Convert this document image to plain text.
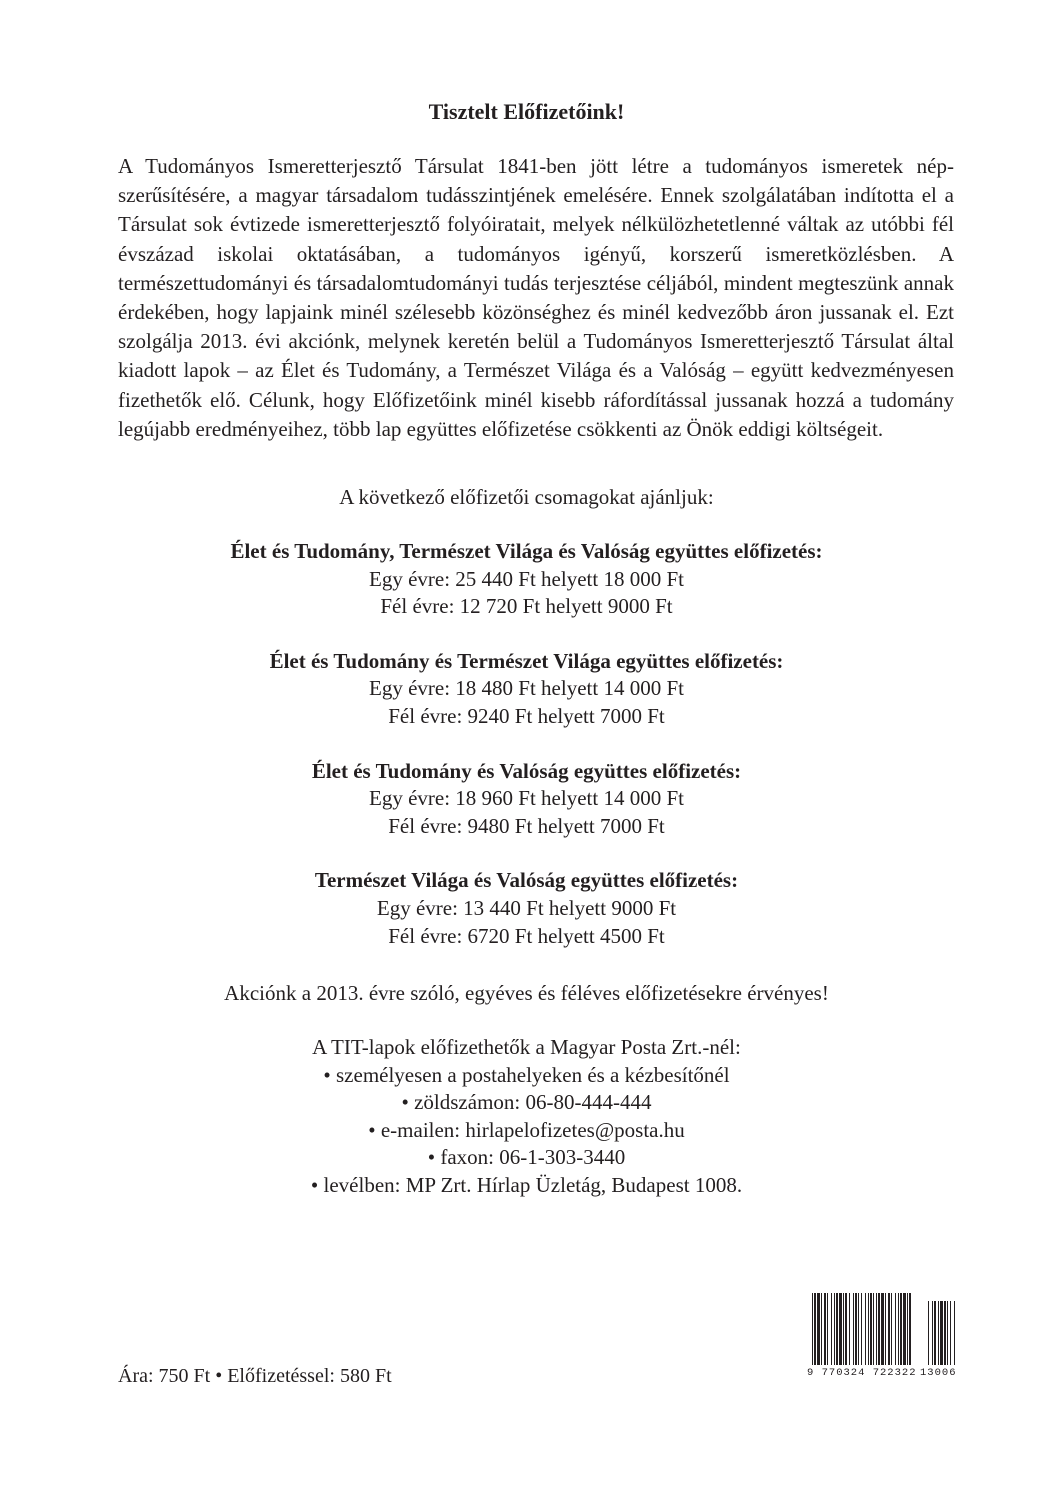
Tisztelt Előfizetőink!

A Tudományos Ismeretterjesztő Társulat 1841-ben jött létre a tudományos ismeretek népszerűsítésére, a magyar társadalom tudásszintjének emelésére. Ennek szolgálatában indította el a Társulat sok évtizede ismeretterjesztő folyóiratait, melyek nélkülözhetetlenné váltak az utóbbi fél évszázad iskolai oktatásában, a tudományos igényű, korszerű ismeretközlésben. A természettudományi és társadalomtudományi tudás terjesztése céljából, mindent megteszünk annak érdekében, hogy lapjaink minél szélesebb közönséghez és minél kedvezőbb áron jussanak el. Ezt szolgálja 2013. évi akciónk, melynek keretén belül a Tudományos Ismeretterjesztő Társulat által kiadott lapok – az Élet és Tudomány, a Természet Világa és a Valóság – együtt kedvezményesen fizethetők elő. Célunk, hogy Előfizetőink minél kisebb ráfordítással jussanak hozzá a tudomány legújabb eredményeihez, több lap együttes előfizetése csökkenti az Önök eddigi költségeit.

A következő előfizetői csomagokat ajánljuk:
Élet és Tudomány, Természet Világa és Valóság együttes előfizetés:
Egy évre: 25 440 Ft helyett 18 000 Ft
Fél évre: 12 720 Ft helyett 9000 Ft
Élet és Tudomány és Természet Világa együttes előfizetés:
Egy évre: 18 480 Ft helyett 14 000 Ft
Fél évre: 9240 Ft helyett 7000 Ft
Élet és Tudomány és Valóság együttes előfizetés:
Egy évre: 18 960 Ft helyett 14 000 Ft
Fél évre: 9480 Ft helyett 7000 Ft
Természet Világa és Valóság együttes előfizetés:
Egy évre: 13 440 Ft helyett 9000 Ft
Fél évre: 6720 Ft helyett 4500 Ft
Akciónk a 2013. évre szóló, egyéves és féléves előfizetésekre érvényes!
A TIT-lapok előfizethetők a Magyar Posta Zrt.-nél:
• személyesen a postahelyeken és a kézbesítőnél
• zöldszámon: 06-80-444-444
• e-mailen: hirlapelofizetes@posta.hu
• faxon: 06-1-303-3440
• levélben: MP Zrt. Hírlap Üzletág, Budapest 1008.
Ára: 750 Ft • Előfizetéssel: 580 Ft	9 770324 722322 13006
